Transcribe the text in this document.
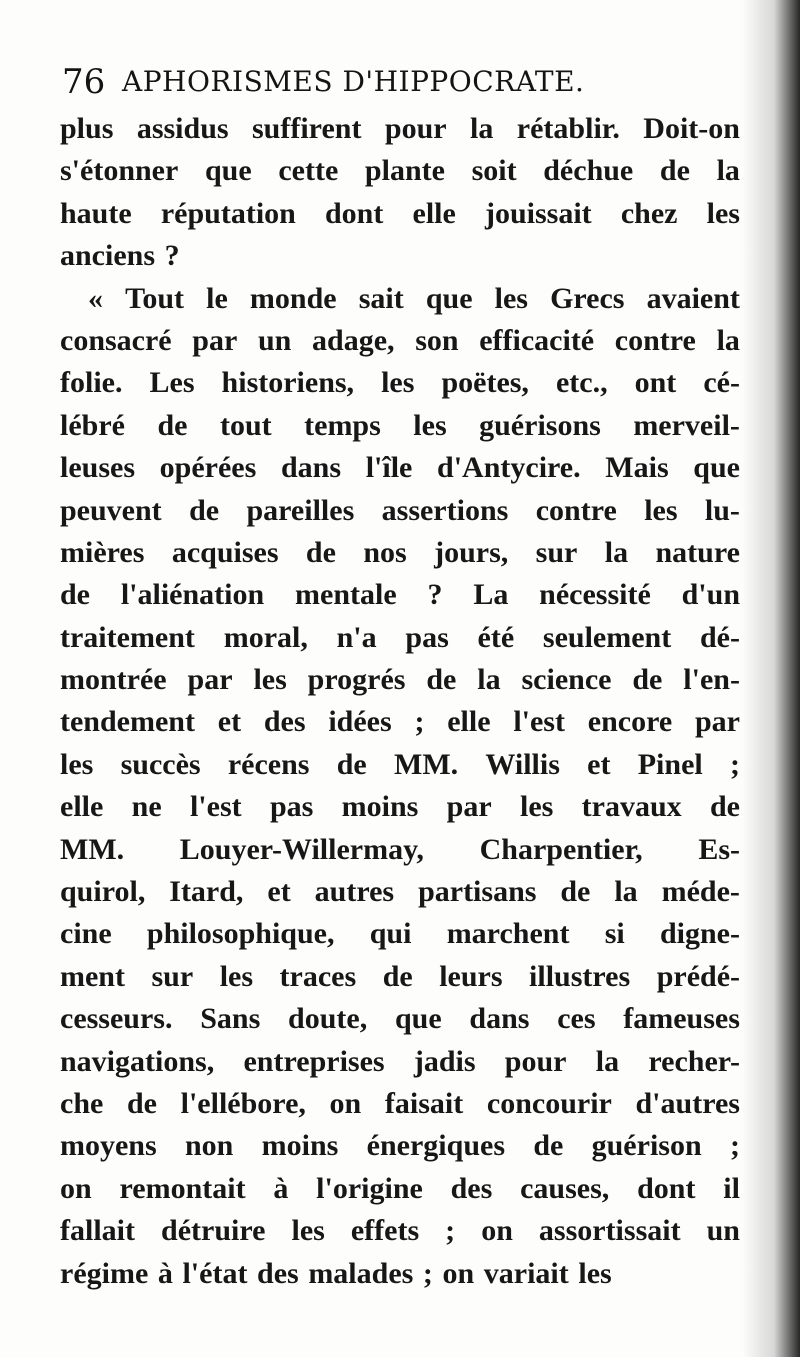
76 APHORISMES D'HIPPOCRATE.
plus assidus suffirent pour la rétablir. Doit-on
s'étonner que cette plante soit déchue de la
haute réputation dont elle jouissait chez les
anciens ?
« Tout le monde sait que les Grecs avaient
consacré par un adage, son efficacité contre la
folie. Les historiens, les poëtes, etc., ont cé-
lébré de tout temps les guérisons merveil-
leuses opérées dans l'île d'Antycire. Mais que
peuvent de pareilles assertions contre les lu-
mières acquises de nos jours, sur la nature
de l'aliénation mentale ? La nécessité d'un
traitement moral, n'a pas été seulement dé-
montrée par les progrés de la science de l'en-
tendement et des idées ; elle l'est encore par
les succès récens de MM. Willis et Pinel ;
elle ne l'est pas moins par les travaux de
MM. Louyer-Willermay, Charpentier, Es-
quirol, Itard, et autres partisans de la méde-
cine philosophique, qui marchent si digne-
ment sur les traces de leurs illustres prédé-
cesseurs. Sans doute, que dans ces fameuses
navigations, entreprises jadis pour la recher-
che de l'ellébore, on faisait concourir d'autres
moyens non moins énergiques de guérison ;
on remontait à l'origine des causes, dont il
fallait détruire les effets ; on assortissait un
régime à l'état des malades ; on variait les
